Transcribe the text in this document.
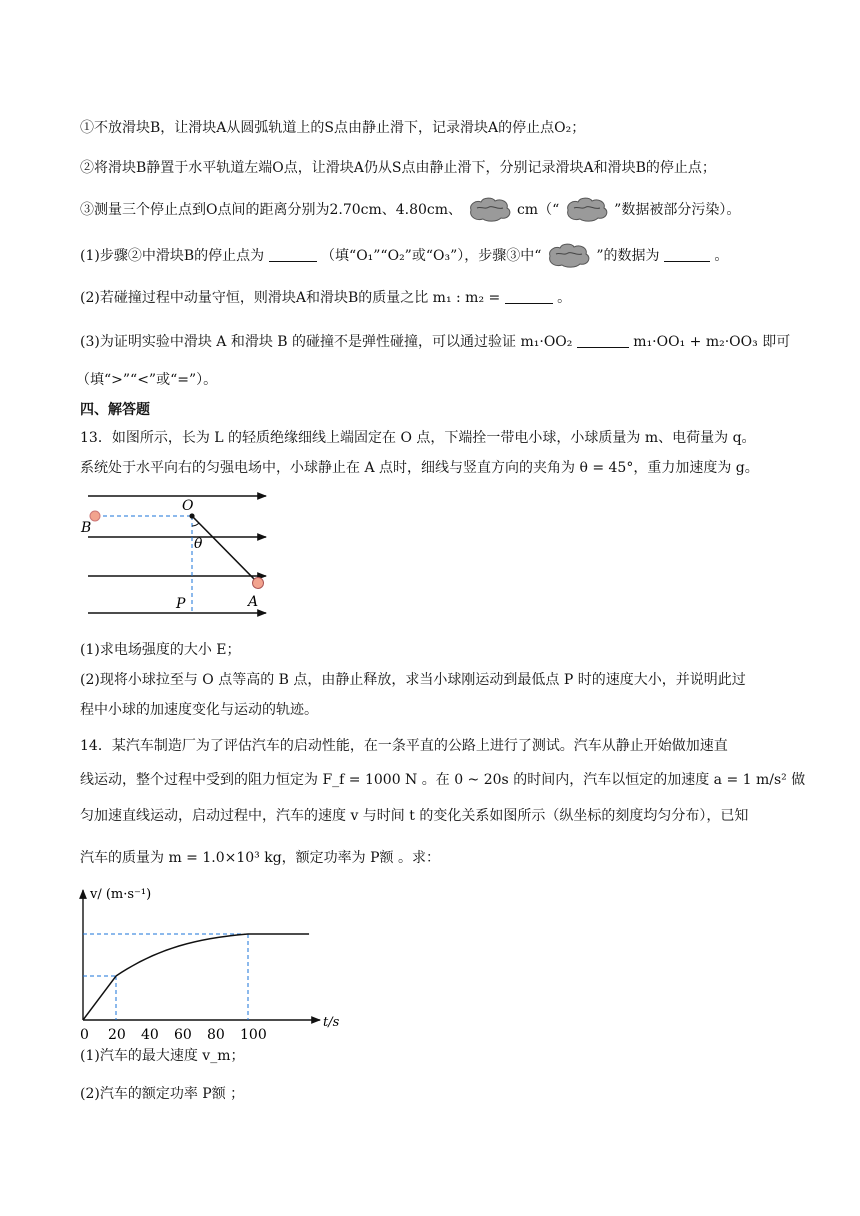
①不放滑块B，让滑块A从圆弧轨道上的S点由静止滑下，记录滑块A的停止点O₂；
②将滑块B静置于水平轨道左端O点，让滑块A仍从S点由静止滑下，分别记录滑块A和滑块B的停止点；
③测量三个停止点到O点间的距离分别为2.70cm、4.80cm、	cm（“	”数据被部分污染）。
(1)步骤②中滑块B的停止点为	（填“O₁”“O₂”或“O₃”），步骤③中“	”的数据为	。
(2)若碰撞过程中动量守恒，则滑块A和滑块B的质量之比 m₁ : m₂ =	。
(3)为证明实验中滑块 A 和滑块 B 的碰撞不是弹性碰撞，可以通过验证 m₁·OO₂	m₁·OO₁ + m₂·OO₃ 即可
（填“>”“<”或“=”）。
四、解答题
13．如图所示，长为 L 的轻质绝缘细线上端固定在 O 点，下端拴一带电小球，小球质量为 m、电荷量为 q。
系统处于水平向右的匀强电场中，小球静止在 A 点时，细线与竖直方向的夹角为 θ = 45°，重力加速度为 g。
O
B
θ
P	A
(1)求电场强度的大小 E；
(2)现将小球拉至与 O 点等高的 B 点，由静止释放，求当小球刚运动到最低点 P 时的速度大小，并说明此过
程中小球的加速度变化与运动的轨迹。
14．某汽车制造厂为了评估汽车的启动性能，在一条平直的公路上进行了测试。汽车从静止开始做加速直
线运动，整个过程中受到的阻力恒定为 F_f = 1000 N 。在 0 ~ 20s 的时间内，汽车以恒定的加速度 a = 1 m/s² 做
匀加速直线运动，启动过程中，汽车的速度 v 与时间 t 的变化关系如图所示（纵坐标的刻度均匀分布），已知
汽车的质量为 m = 1.0×10³ kg，额定功率为 P额 。求：
v/ (m·s⁻¹)
t/s
0 20 40 60 80 100
(1)汽车的最大速度 v_m；
(2)汽车的额定功率 P额 ；
